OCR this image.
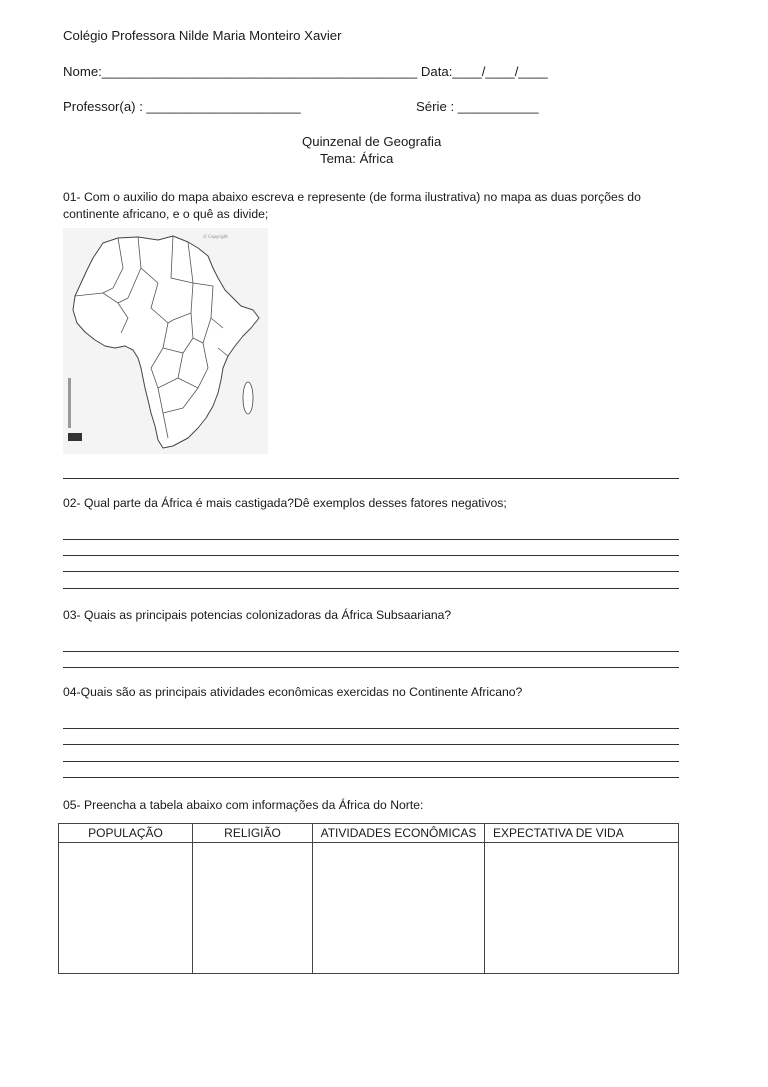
Colégio Professora Nilde Maria Monteiro Xavier
Nome:___________________________________________ Data:____/____/____
Professor(a) : _____________________	Série : ___________
Quinzenal de Geografia
Tema: África
01- Com o auxilio do mapa abaixo escreva e represente (de forma ilustrativa) no mapa as duas porções do
continente africano, e o quê as divide;
© Copyright
02- Qual parte da África é mais castigada?Dê exemplos desses fatores negativos;
03- Quais as principais potencias colonizadoras da África Subsaariana?
04-Quais são as principais atividades econômicas exercidas no Continente Africano?
05- Preencha a tabela abaixo com informações da África do Norte:
POPULAÇÃO	RELIGIÃO	ATIVIDADES ECONÔMICAS	EXPECTATIVA DE VIDA
